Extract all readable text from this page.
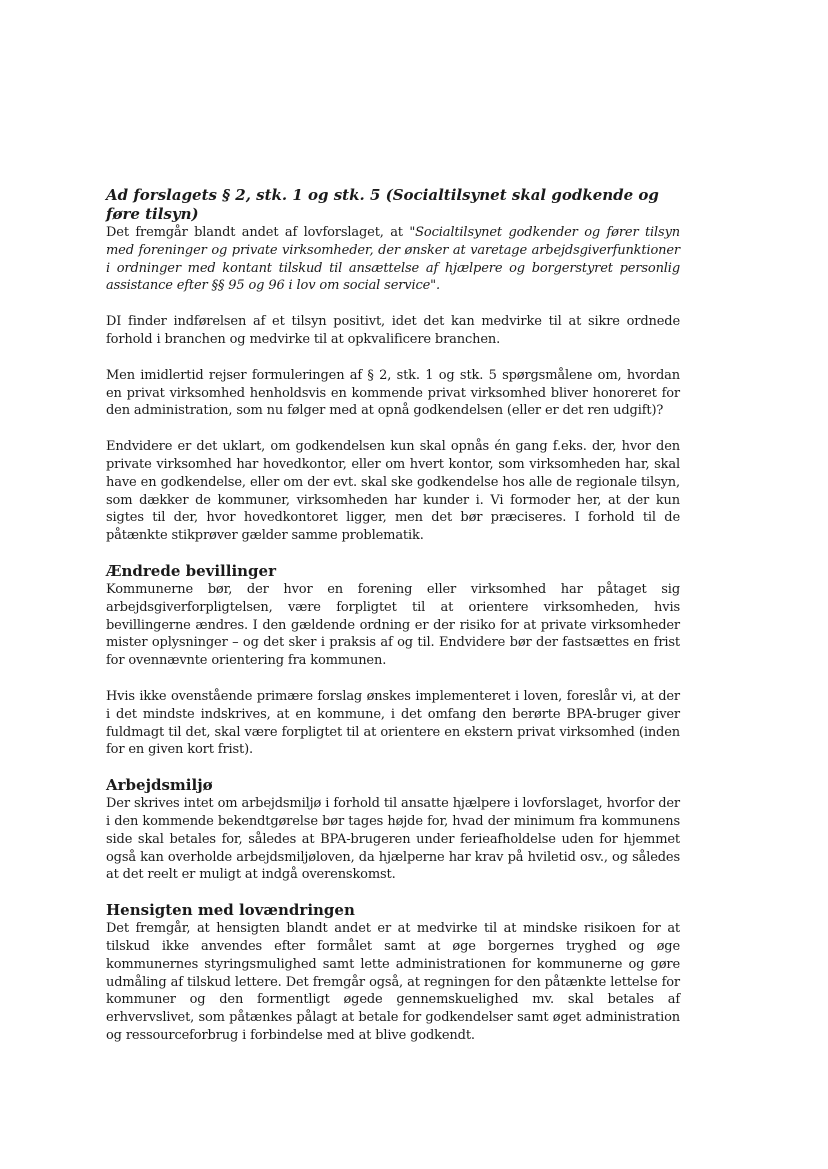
Ad forslagets § 2, stk. 1 og stk. 5 (Socialtilsynet skal godkende og føre tilsyn)

Det fremgår blandt andet af lovforslaget, at "Socialtilsynet godkender og fører tilsyn med foreninger og private virksomheder, der ønsker at varetage arbejdsgiverfunktioner i ordninger med kontant tilskud til ansættelse af hjælpere og borgerstyret personlig assistance efter §§ 95 og 96 i lov om social service".

DI finder indførelsen af et tilsyn positivt, idet det kan medvirke til at sikre ordnede forhold i branchen og medvirke til at opkvalificere branchen.

Men imidlertid rejser formuleringen af § 2, stk. 1 og stk. 5 spørgsmålene om, hvordan en privat virksomhed henholdsvis en kommende privat virksomhed bliver honoreret for den administration, som nu følger med at opnå godkendelsen (eller er det ren udgift)?

Endvidere er det uklart, om godkendelsen kun skal opnås én gang f.eks. der, hvor den private virksomhed har hovedkontor, eller om hvert kontor, som virksomheden har, skal have en godkendelse, eller om der evt. skal ske godkendelse hos alle de regionale tilsyn, som dækker de kommuner, virksomheden har kunder i. Vi formoder her, at der kun sigtes til der, hvor hovedkontoret ligger, men det bør præciseres. I forhold til de påtænkte stikprøver gælder samme problematik.

Ændrede bevillinger

Kommunerne bør, der hvor en forening eller virksomhed har påtaget sig arbejdsgiverforpligtelsen, være forpligtet til at orientere virksomheden, hvis bevillingerne ændres. I den gældende ordning er der risiko for at private virksomheder mister oplysninger – og det sker i praksis af og til. Endvidere bør der fastsættes en frist for ovennævnte orientering fra kommunen.

Hvis ikke ovenstående primære forslag ønskes implementeret i loven, foreslår vi, at der i det mindste indskrives, at en kommune, i det omfang den berørte BPA-bruger giver fuldmagt til det, skal være forpligtet til at orientere en ekstern privat virksomhed (inden for en given kort frist).

Arbejdsmiljø

Der skrives intet om arbejdsmiljø i forhold til ansatte hjælpere i lovforslaget, hvorfor der i den kommende bekendtgørelse bør tages højde for, hvad der minimum fra kommunens side skal betales for, således at BPA-brugeren under ferieafholdelse uden for hjemmet også kan overholde arbejdsmiljøloven, da hjælperne har krav på hviletid osv., og således at det reelt er muligt at indgå overenskomst.

Hensigten med lovændringen

Det fremgår, at hensigten blandt andet er at medvirke til at mindske risikoen for at tilskud ikke anvendes efter formålet samt at øge borgernes tryghed og øge kommunernes styringsmulighed samt lette administrationen for kommunerne og gøre udmåling af tilskud lettere. Det fremgår også, at regningen for den påtænkte lettelse for kommuner og den formentligt øgede gennemskuelighed mv. skal betales af erhvervslivet, som påtænkes pålagt at betale for godkendelser samt øget administration og ressourceforbrug i forbindelse med at blive godkendt.
